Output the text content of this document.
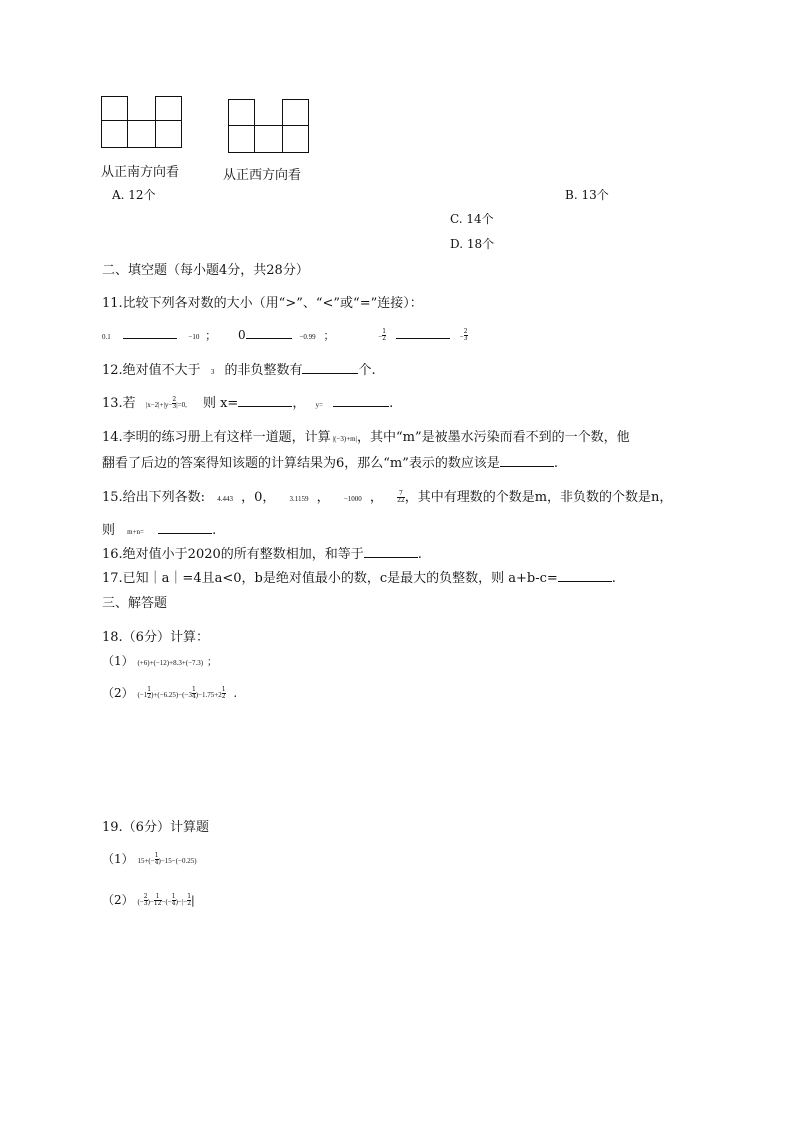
从正南方向看	从正西方向看
A. 12个	B. 13个
C. 14个
D. 18个
二、填空题（每小题4分，共28分）
11.比较下列各对数的大小（用“>”、“<”或“=”连接）：
0.1	−10 ； 0	−0.99 ；	− $\frac{1}{2}$	− $\frac{2}{3}$
12.绝对值不大于 3 的非负整数有	个.
13.若 $|x-2|+|y- \frac{2}{3} |=0$, 则 x=	， y=	.
14.李明的练习册上有这样一道题，计算 |(−3)+m|，其中“m”是被墨水污染而看不到的一个数，他
翻看了后边的答案得知该题的计算结果为6，那么“m”表示的数应该是	.
15.给出下列各数: 4.443 ，0， 3.1159 ， −1000 ， $\frac{7}{22}$ ，其中有理数的个数是m，非负数的个数是n，
则 m+n=	.
16.绝对值小于2020的所有整数相加，和等于	.
17.已知｜a｜=4且a<0，b是绝对值最小的数，c是最大的负整数，则 a+b-c=	.
三、解答题
18.（6分）计算：
（1） (+6)+(−12)+8.3+(−7.3) ；
（2） $(-1 \frac{1}{2} )+(-6.25)-(-3 \frac{1}{4} )-1.75+2 \frac{1}{2}$ .
19.（6分）计算题
（1） $15+(- \frac{1}{4} )-15-(-0.25)$
（2） (− $\frac{2}{3}$ )− $\frac{1}{12}$ −(− $\frac{1}{4}$ )−|− $\frac{1}{2}$ |
